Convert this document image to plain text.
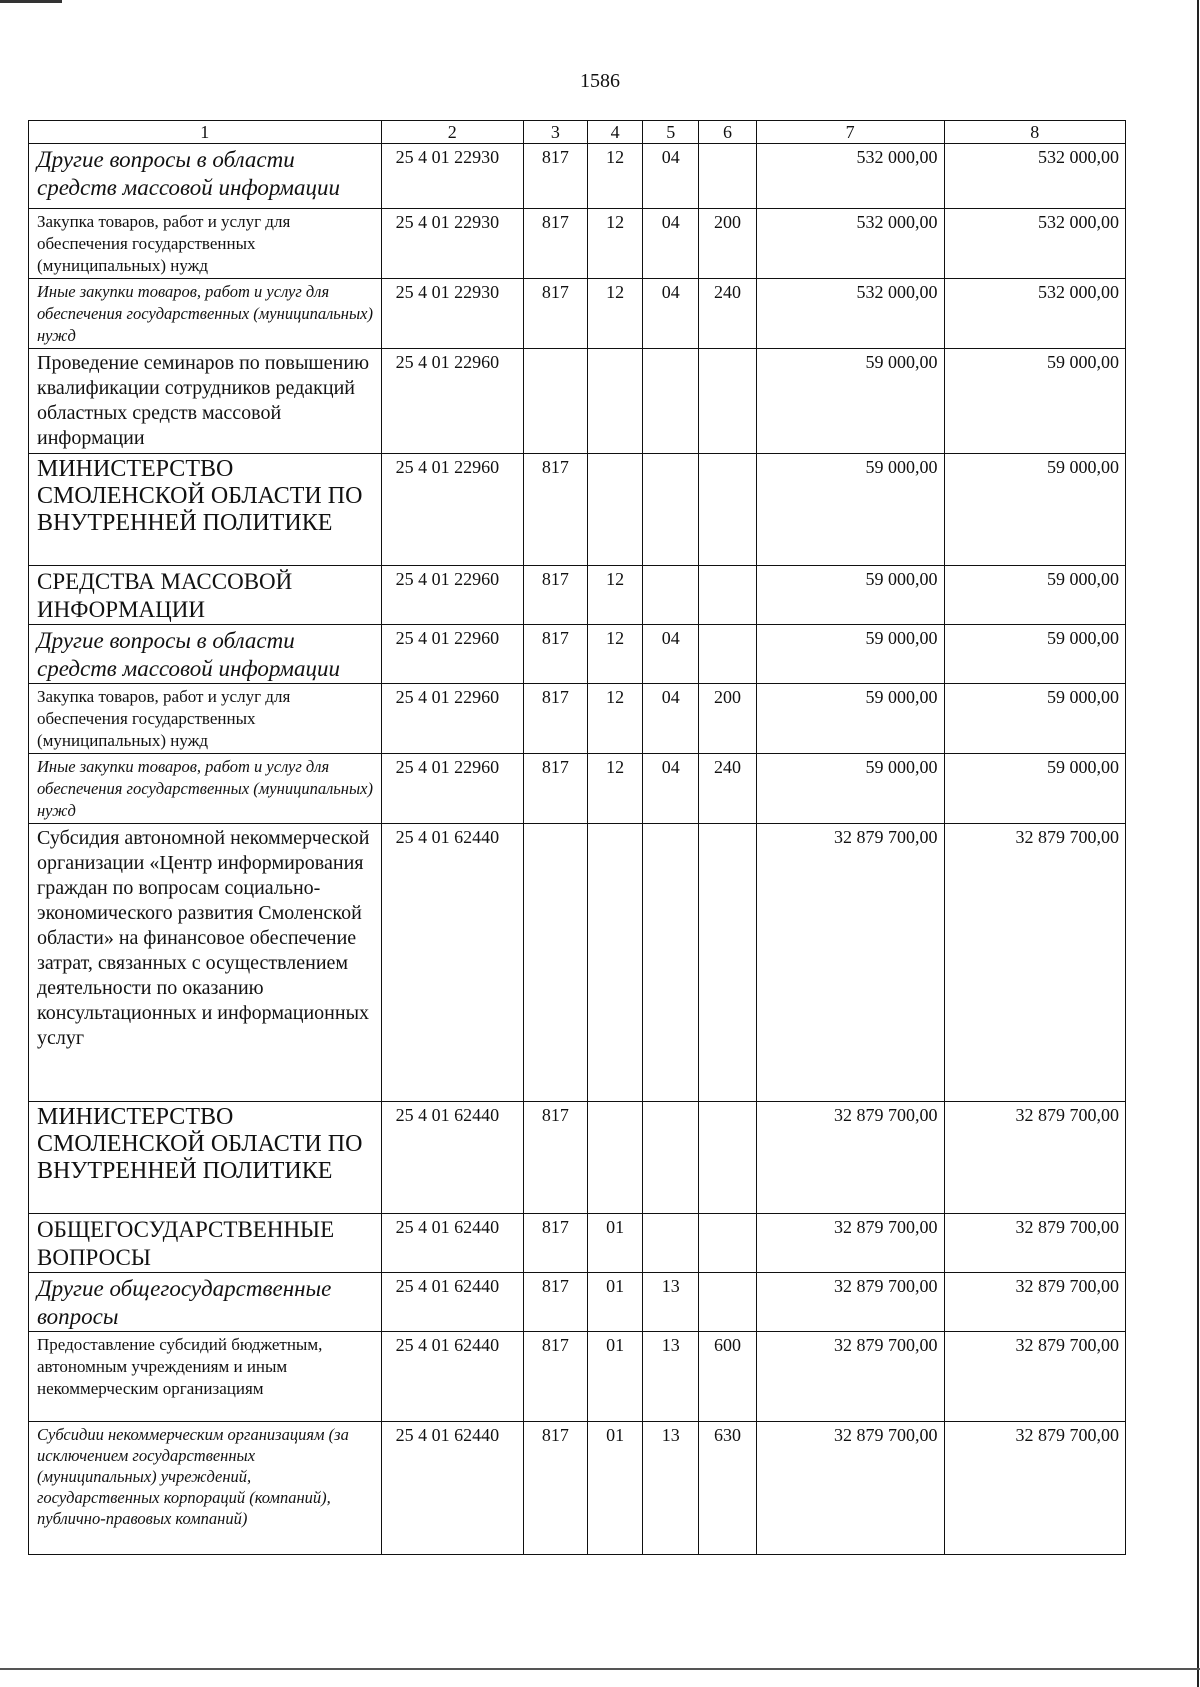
1586
1	2	3	4	5	6	7	8
Другие вопросы в области средств массовой информации	25 4 01 22930	817	12	04		532 000,00	532 000,00
Закупка товаров, работ и услуг для обеспечения государственных (муниципальных) нужд	25 4 01 22930	817	12	04	200	532 000,00	532 000,00
Иные закупки товаров, работ и услуг для обеспечения государственных (муниципальных) нужд	25 4 01 22930	817	12	04	240	532 000,00	532 000,00
Проведение семинаров по повышению квалификации сотрудников редакций областных средств массовой информации	25 4 01 22960					59 000,00	59 000,00
МИНИСТЕРСТВО СМОЛЕНСКОЙ ОБЛАСТИ ПО ВНУТРЕННЕЙ ПОЛИТИКЕ	25 4 01 22960	817				59 000,00	59 000,00
СРЕДСТВА МАССОВОЙ ИНФОРМАЦИИ	25 4 01 22960	817	12			59 000,00	59 000,00
Другие вопросы в области средств массовой информации	25 4 01 22960	817	12	04		59 000,00	59 000,00
Закупка товаров, работ и услуг для обеспечения государственных (муниципальных) нужд	25 4 01 22960	817	12	04	200	59 000,00	59 000,00
Иные закупки товаров, работ и услуг для обеспечения государственных (муниципальных) нужд	25 4 01 22960	817	12	04	240	59 000,00	59 000,00
Субсидия автономной некоммерческой организации «Центр информирования граждан по вопросам социально-экономического развития Смоленской области» на финансовое обеспечение затрат, связанных с осуществлением деятельности по оказанию консультационных и информационных услуг	25 4 01 62440					32 879 700,00	32 879 700,00
МИНИСТЕРСТВО СМОЛЕНСКОЙ ОБЛАСТИ ПО ВНУТРЕННЕЙ ПОЛИТИКЕ	25 4 01 62440	817				32 879 700,00	32 879 700,00
ОБЩЕГОСУДАРСТВЕННЫЕ ВОПРОСЫ	25 4 01 62440	817	01			32 879 700,00	32 879 700,00
Другие общегосударственные вопросы	25 4 01 62440	817	01	13		32 879 700,00	32 879 700,00
Предоставление субсидий бюджетным, автономным учреждениям и иным некоммерческим организациям	25 4 01 62440	817	01	13	600	32 879 700,00	32 879 700,00
Субсидии некоммерческим организациям (за исключением государственных (муниципальных) учреждений, государственных корпораций (компаний), публично-правовых компаний)	25 4 01 62440	817	01	13	630	32 879 700,00	32 879 700,00
